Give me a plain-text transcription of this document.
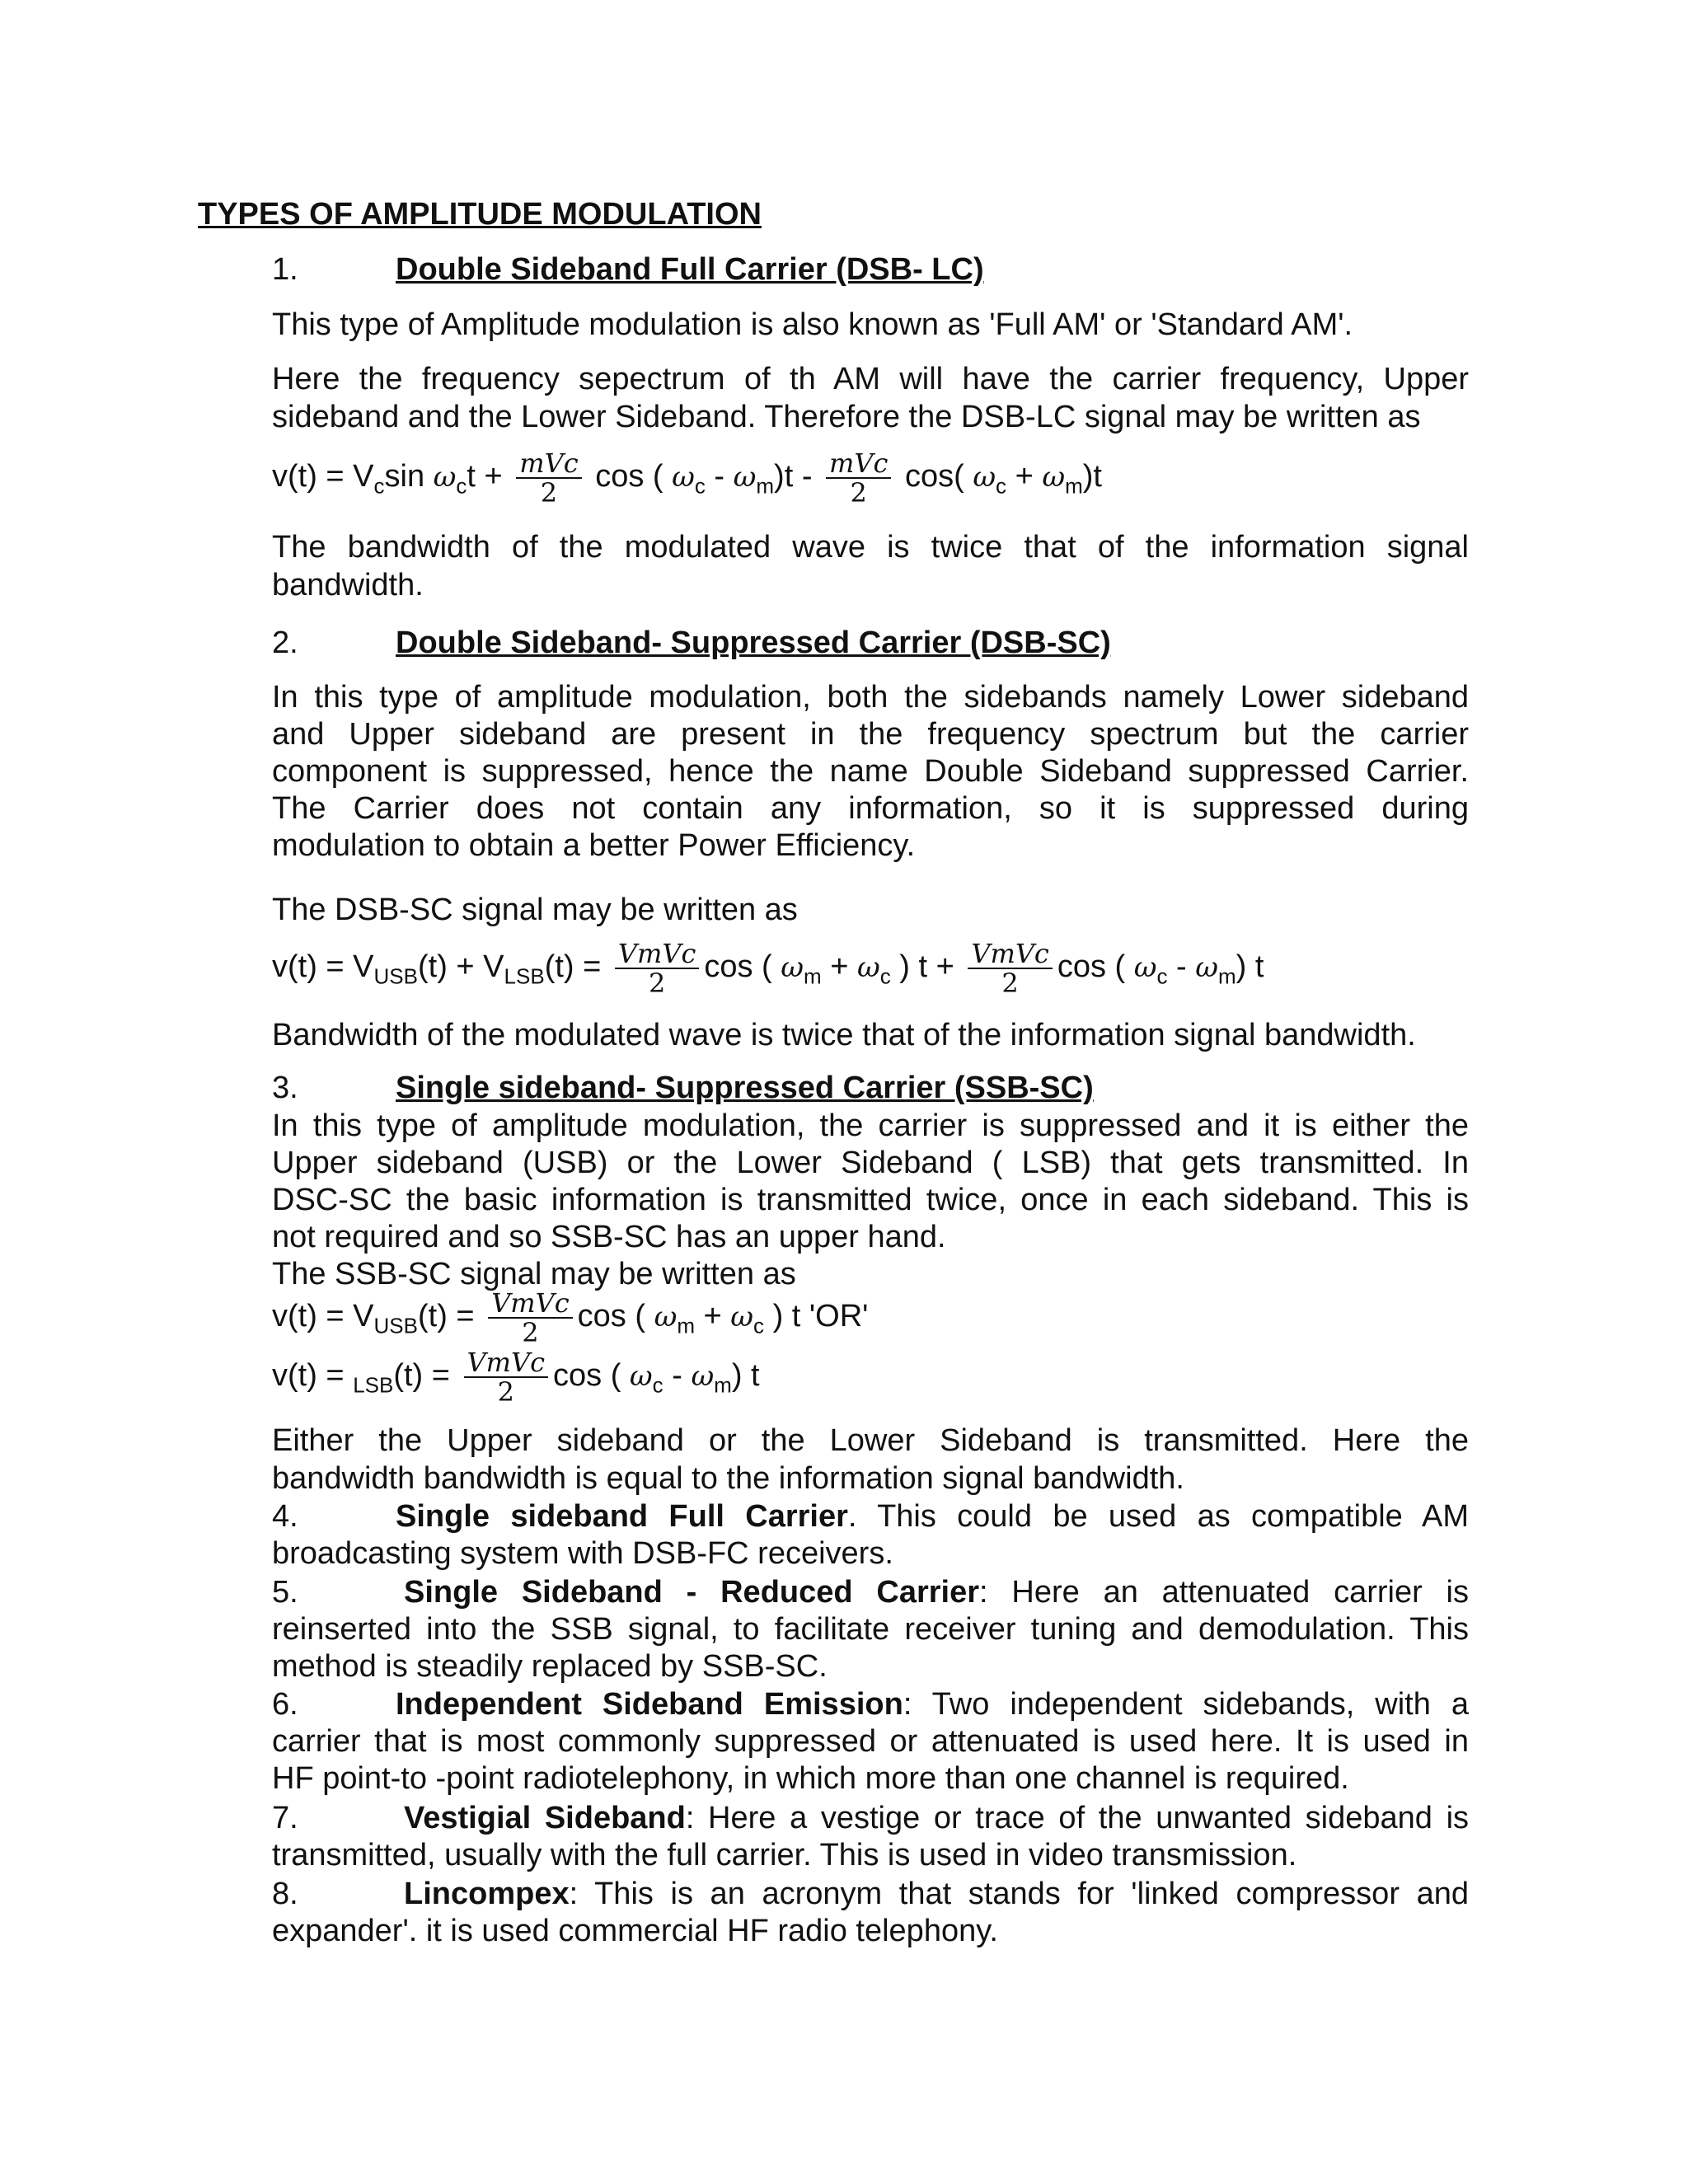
TYPES OF AMPLITUDE MODULATION
1.	Double Sideband Full Carrier (DSB- LC)
This type of Amplitude modulation is also known as 'Full AM' or 'Standard AM'.
Here the frequency sepectrum of th AM will have the carrier frequency, Upper
sideband and the Lower Sideband. Therefore the DSB-LC signal may be written as
$v(t) = V_c\sin$ $\omega_ct + \frac{\text{mVc}}{2}$ cos ( $\omega_c - \omega_m)t - \frac{\text{mVc}}{2} \cos$( $\omega_c + \omega_m)t$
The bandwidth of the modulated wave is twice that of the information signal
bandwidth.
2.	Double Sideband- Suppressed Carrier (DSB-SC)
In this type of amplitude modulation, both the sidebands namely Lower sideband
and Upper sideband are present in the frequency spectrum but the carrier
component is suppressed, hence the name Double Sideband suppressed Carrier.
The Carrier does not contain any information, so it is suppressed during
modulation to obtain a better Power Efficiency.
The DSB-SC signal may be written as
$v(t) = V_{USB}(t) + V_{LSB}(t) = \frac{\text{VmVc}}{2}$ cos ( $\omega_m + \omega_c$ ) $t + \frac{\text{VmVc}}{2}$ cos ( $\omega_c - \omega_m$) t
Bandwidth of the modulated wave is twice that of the information signal bandwidth.
3.	Single sideband- Suppressed Carrier (SSB-SC)
In this type of amplitude modulation, the carrier is suppressed and it is either the
Upper sideband (USB) or the Lower Sideband ( LSB) that gets transmitted. In
DSC-SC the basic information is transmitted twice, once in each sideband. This is
not required and so SSB-SC has an upper hand.
The SSB-SC signal may be written as
$v(t) = V_{USB}(t) = \frac{\text{VmVc}}{2}$ cos ( $\omega_m + \omega_c$ ) t 'OR'
$v(t) = _{LSB}(t) = \frac{\text{VmVc}}{2}$ cos ( $\omega_c - \omega_m$) t
Either the Upper sideband or the Lower Sideband is transmitted. Here the
bandwidth bandwidth is equal to the information signal bandwidth.
4.	Single sideband Full Carrier. This could be used as compatible AM
broadcasting system with DSB-FC receivers.
5.	Single Sideband - Reduced Carrier: Here an attenuated carrier is
reinserted into the SSB signal, to facilitate receiver tuning and demodulation. This
method is steadily replaced by SSB-SC.
6.	Independent Sideband Emission: Two independent sidebands, with a
carrier that is most commonly suppressed or attenuated is used here. It is used in
HF point-to -point radiotelephony, in which more than one channel is required.
7.	Vestigial Sideband: Here a vestige or trace of the unwanted sideband is
transmitted, usually with the full carrier. This is used in video transmission.
8.	Lincompex: This is an acronym that stands for 'linked compressor and
expander'. it is used commercial HF radio telephony.
